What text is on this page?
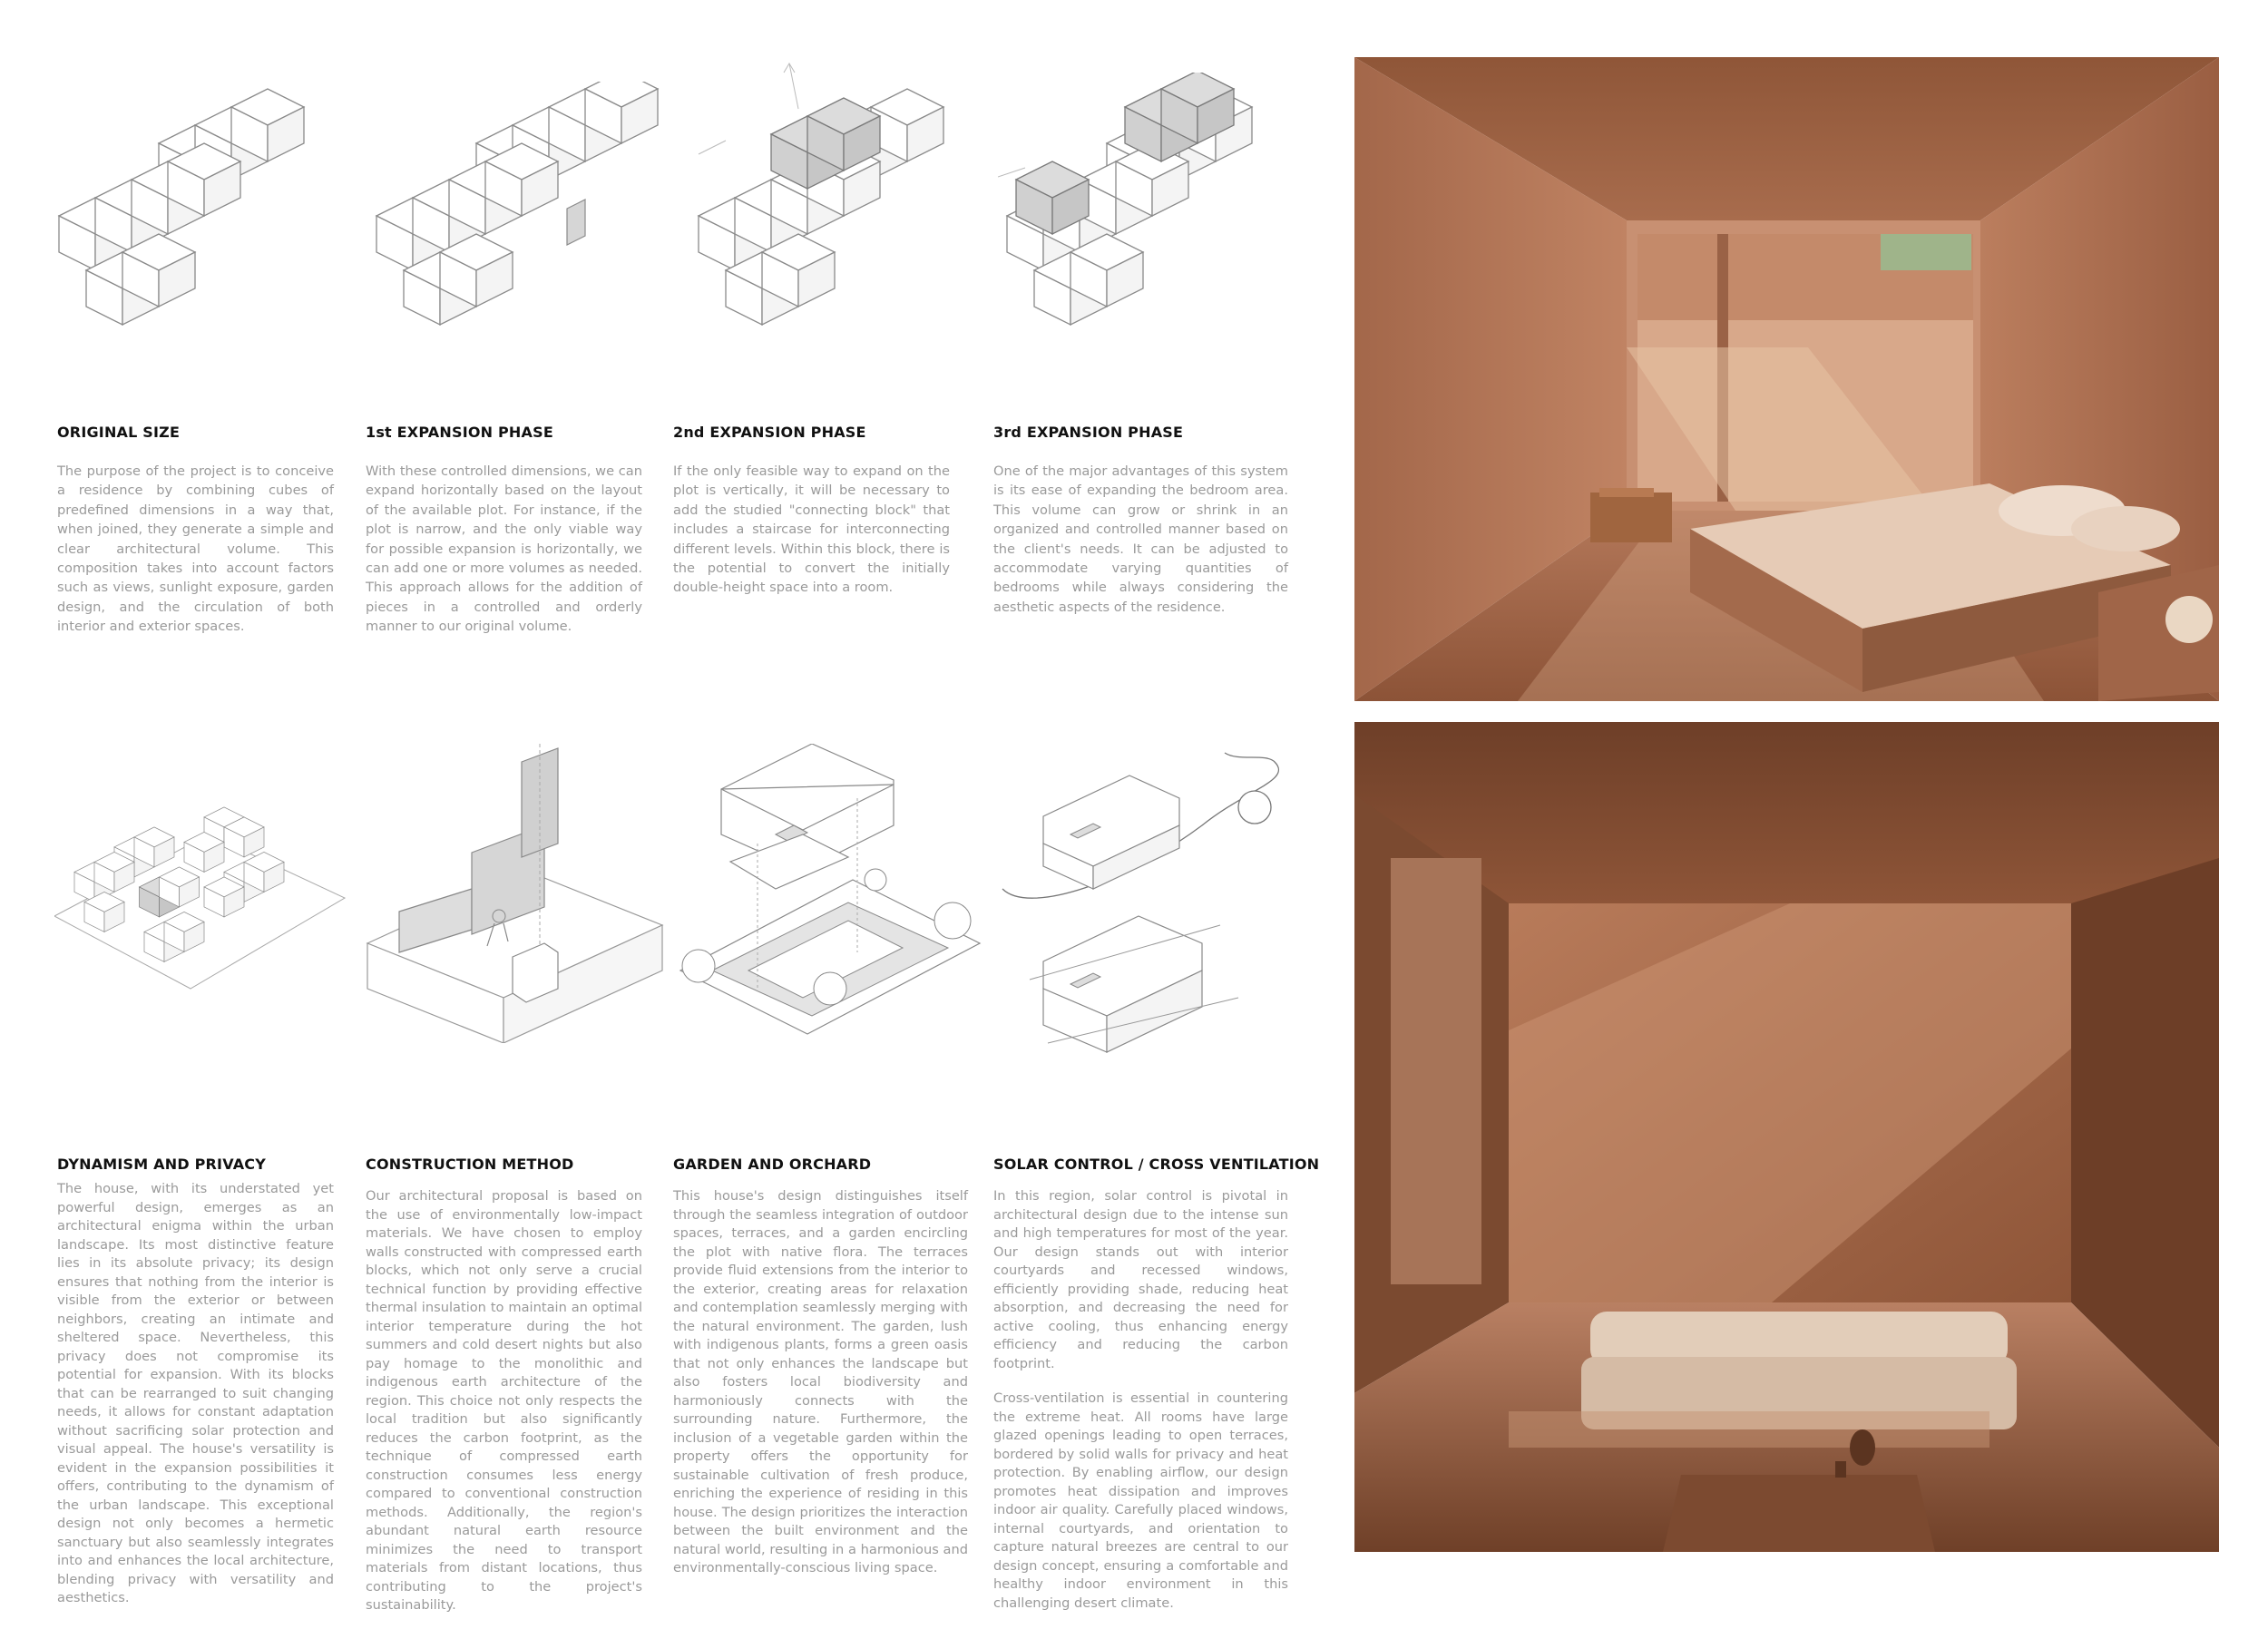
ORIGINAL SIZE
The purpose of the project is to conceive a residence by combining cubes of predefined dimensions in a way that, when joined, they generate a simple and clear architectural volume. This composition takes into account factors such as views, sunlight exposure, garden design, and the circulation of both interior and exterior spaces.
1st EXPANSION PHASE
With these controlled dimensions, we can expand horizontally based on the layout of the available plot. For instance, if the plot is narrow, and the only viable way for possible expansion is horizontally, we can add one or more volumes as needed. This approach allows for the addition of pieces in a controlled and orderly manner to our original volume.
2nd EXPANSION PHASE
If the only feasible way to expand on the plot is vertically, it will be necessary to add the studied "connecting block" that includes a staircase for interconnecting different levels. Within this block, there is the potential to convert the initially double-height space into a room.
3rd EXPANSION PHASE
One of the major advantages of this system is its ease of expanding the bedroom area. This volume can grow or shrink in an organized and controlled manner based on the client's needs. It can be adjusted to accommodate varying quantities of bedrooms while always considering the aesthetic aspects of the residence.
DYNAMISM AND PRIVACY
The house, with its understated yet powerful design, emerges as an architectural enigma within the urban landscape. Its most distinctive feature lies in its absolute privacy; its design ensures that nothing from the interior is visible from the exterior or between neighbors, creating an intimate and sheltered space. Nevertheless, this privacy does not compromise its potential for expansion. With its blocks that can be rearranged to suit changing needs, it allows for constant adaptation without sacrificing solar protection and visual appeal. The house's versatility is evident in the expansion possibilities it offers, contributing to the dynamism of the urban landscape. This exceptional design not only becomes a hermetic sanctuary but also seamlessly integrates into and enhances the local architecture, blending privacy with versatility and aesthetics.
CONSTRUCTION METHOD
Our architectural proposal is based on the use of environmentally low-impact materials. We have chosen to employ walls constructed with compressed earth blocks, which not only serve a crucial technical function by providing effective thermal insulation to maintain an optimal interior temperature during the hot summers and cold desert nights but also pay homage to the monolithic and indigenous earth architecture of the region. This choice not only respects the local tradition but also significantly reduces the carbon footprint, as the technique of compressed earth construction consumes less energy compared to conventional construction methods. Additionally, the region's abundant natural earth resource minimizes the need to transport materials from distant locations, thus contributing to the project's sustainability.
GARDEN AND ORCHARD
This house's design distinguishes itself through the seamless integration of outdoor spaces, terraces, and a garden encircling the plot with native flora. The terraces provide fluid extensions from the interior to the exterior, creating areas for relaxation and contemplation seamlessly merging with the natural environment. The garden, lush with indigenous plants, forms a green oasis that not only enhances the landscape but also fosters local biodiversity and harmoniously connects with the surrounding nature. Furthermore, the inclusion of a vegetable garden within the property offers the opportunity for sustainable cultivation of fresh produce, enriching the experience of residing in this house. The design prioritizes the interaction between the built environment and the natural world, resulting in a harmonious and environmentally-conscious living space.
SOLAR CONTROL / CROSS VENTILATION

In this region, solar control is pivotal in architectural design due to the intense sun and high temperatures for most of the year. Our design stands out with interior courtyards and recessed windows, efficiently providing shade, reducing heat absorption, and decreasing the need for active cooling, thus enhancing energy efficiency and reducing the carbon footprint.

Cross-ventilation is essential in countering the extreme heat. All rooms have large glazed openings leading to open terraces, bordered by solid walls for privacy and heat protection. By enabling airflow, our design promotes heat dissipation and improves indoor air quality. Carefully placed windows, internal courtyards, and orientation to capture natural breezes are central to our design concept, ensuring a comfortable and healthy indoor environment in this challenging desert climate.
